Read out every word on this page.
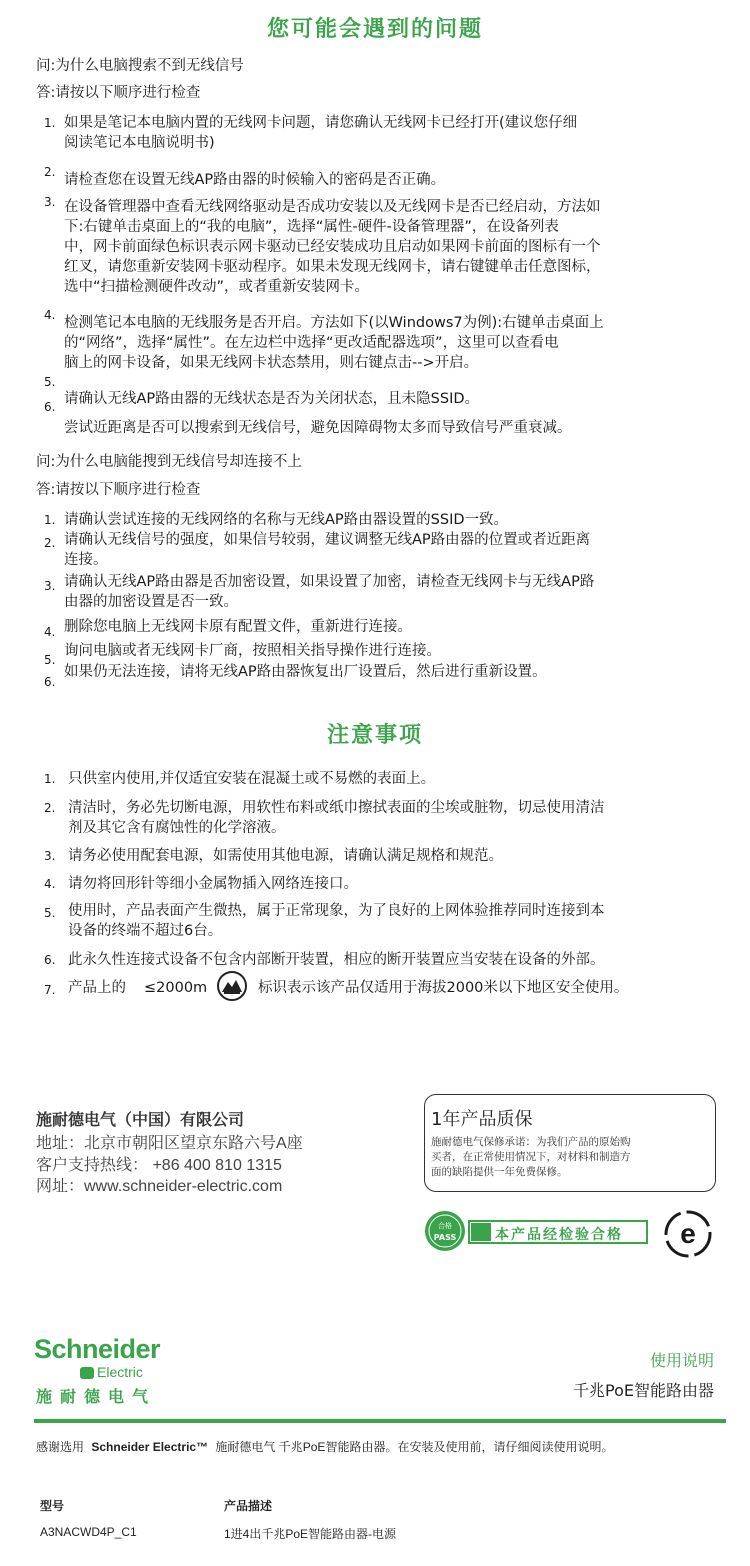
您可能会遇到的问题
问:为什么电脑搜索不到无线信号
答:请按以下顺序进行检查
1. 如果是笔记本电脑内置的无线网卡问题，请您确认无线网卡已经打开(建议您仔细
阅读笔记本电脑说明书)
2. 请检查您在设置无线AP路由器的时候输入的密码是否正确。
3. 在设备管理器中查看无线网络驱动是否成功安装以及无线网卡是否已经启动，方法如
下:右键单击桌面上的“我的电脑”，选择“属性-硬件-设备管理器”，在设备列表
中，网卡前面绿色标识表示网卡驱动已经安装成功且启动如果网卡前面的图标有一个
红叉，请您重新安装网卡驱动程序。如果未发现无线网卡，请右键键单击任意图标，
选中“扫描检测硬件改动”，或者重新安装网卡。
4. 检测笔记本电脑的无线服务是否开启。方法如下(以Windows7为例):右键单击桌面上
的“网络”，选择“属性”。在左边栏中选择“更改适配器选项”，这里可以查看电
脑上的网卡设备，如果无线网卡状态禁用，则右键点击-->开启。
5.
6. 请确认无线AP路由器的无线状态是否为关闭状态，且未隐SSID。
尝试近距离是否可以搜索到无线信号，避免因障碍物太多而导致信号严重衰减。
问:为什么电脑能搜到无线信号却连接不上
答:请按以下顺序进行检查
1. 请确认尝试连接的无线网络的名称与无线AP路由器设置的SSID一致。
2. 请确认无线信号的强度，如果信号较弱，建议调整无线AP路由器的位置或者近距离
连接。
3. 请确认无线AP路由器是否加密设置，如果设置了加密，请检查无线网卡与无线AP路
由器的加密设置是否一致。
4. 删除您电脑上无线网卡原有配置文件，重新进行连接。
5.
询问电脑或者无线网卡厂商，按照相关指导操作进行连接。
6.
如果仍无法连接，请将无线AP路由器恢复出厂设置后，然后进行重新设置。
注意事项
1. 只供室内使用,并仅适宜安装在混凝土或不易燃的表面上。
2. 清洁时，务必先切断电源，用软性布料或纸巾擦拭表面的尘埃或脏物，切忌使用清洁
剂及其它含有腐蚀性的化学溶液。
3. 请务必使用配套电源，如需使用其他电源，请确认满足规格和规范。
4. 请勿将回形针等细小金属物插入网络连接口。
5. 使用时，产品表面产生微热，属于正常现象，为了良好的上网体验推荐同时连接到本
设备的终端不超过6台。
6. 此永久性连接式设备不包含内部断开装置，相应的断开装置应当安装在设备的外部。
7. 产品上的 ≤2000m	标识表示该产品仅适用于海拔2000米以下地区安全使用。
施耐德电气（中国）有限公司
地址：北京市朝阳区望京东路六号A座
客户支持热线： +86 400 810 1315
网址：www.schneider-electric.com
1年产品质保
施耐德电气保修承诺：为我们产品的原始购
买者，在正常使用情况下，对材料和制造方
面的缺陷提供一年免费保修。
合格
PASS	本产品经检验合格	e
Schneider
Electric
施耐德电气
使用说明
千兆PoE智能路由器
感谢选用 Schneider Electric™ 施耐德电气 千兆PoE智能路由器。在安装及使用前，请仔细阅读使用说明。
型号	产品描述
A3NACWD4P_C1	1进4出千兆PoE智能路由器-电源
